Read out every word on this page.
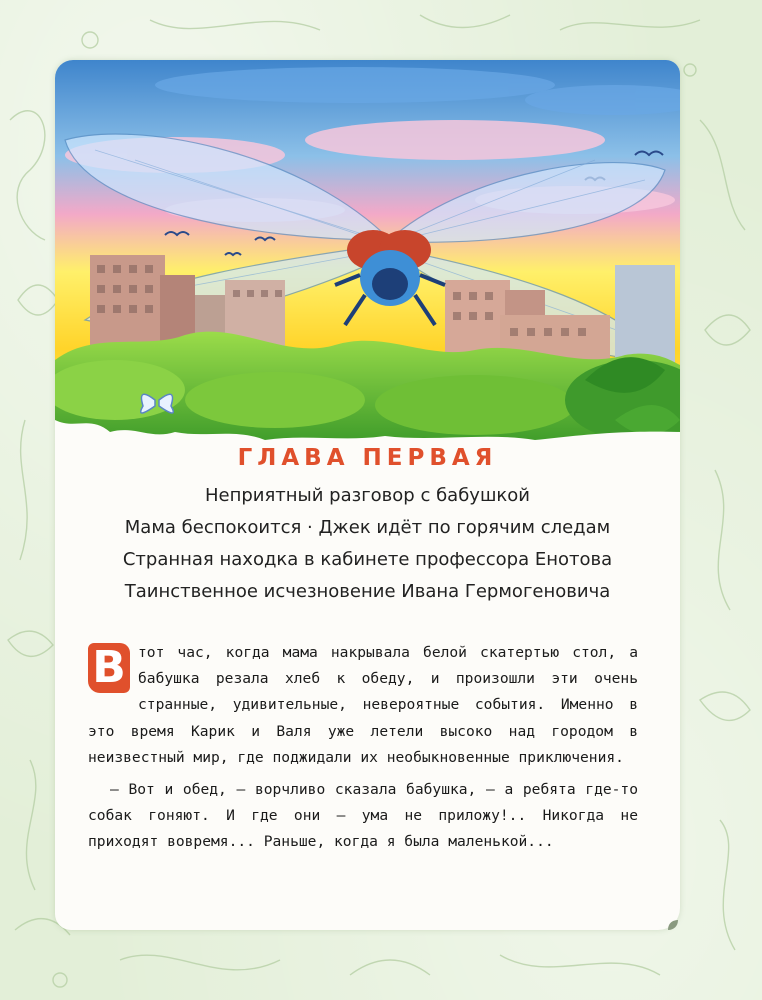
ГЛАВА ПЕРВАЯ
Неприятный разговор с бабушкой
Мама беспокоится · Джек идёт по горячим следам
Странная находка в кабинете профессора Енотова
Таинственное исчезновение Ивана Гермогеновича

В тот час, когда мама накрывала белой скатертью стол, а бабушка резала хлеб к обеду, и произошли эти очень странные, удивительные, невероятные события. Именно в это время Карик и Валя уже летели высоко над городом в неизвестный мир, где поджидали их необыкновенные приключения.

— Вот и обед, — ворчливо сказала бабушка, — а ребята где-то собак гоняют. И где они — ума не приложу!.. Никогда не приходят вовремя... Раньше, когда я была маленькой...
